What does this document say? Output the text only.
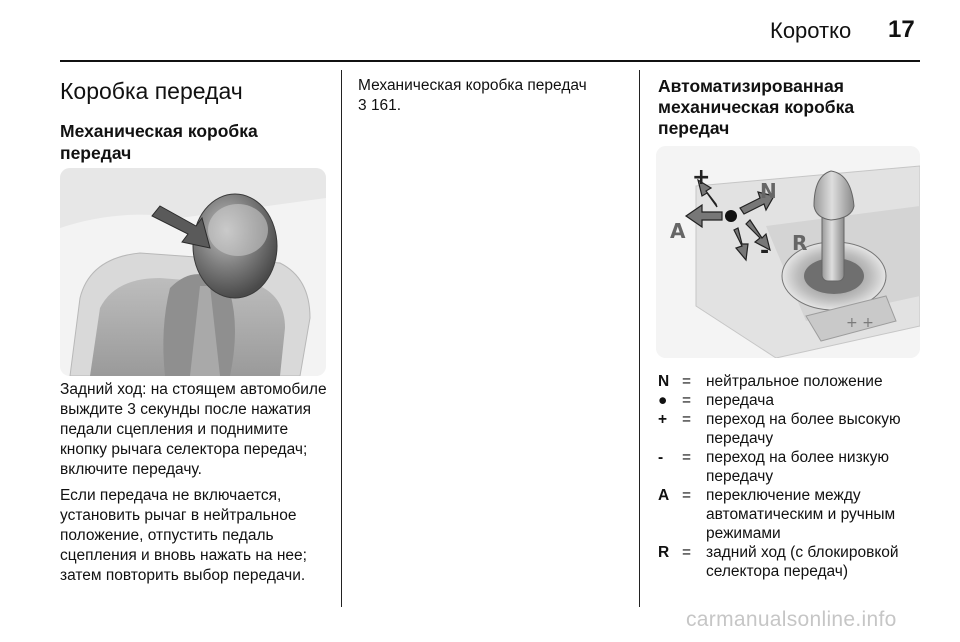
Коротко 17
Коробка передач
Механическая коробка передач
Задний ход: на стоящем автомобиле выждите 3 секунды после нажатия педали сцепления и поднимите кнопку рычага селектора передач; включите передачу.
Если передача не включается, установить рычаг в нейтральное положение, отпустить педаль сцепления и вновь нажать на нее; затем повторить выбор передачи.
Механическая коробка передач
3 161.
Автоматизированная механическая коробка передач
+ +
+
-
N
R
A
N = нейтральное положение
● = передача
+ = переход на более высокую передачу
-	= переход на более низкую передачу
A = переключение между автоматическим и ручным режимами
R = задний ход (с блокировкой селектора передач)
carmanualsonline.info
